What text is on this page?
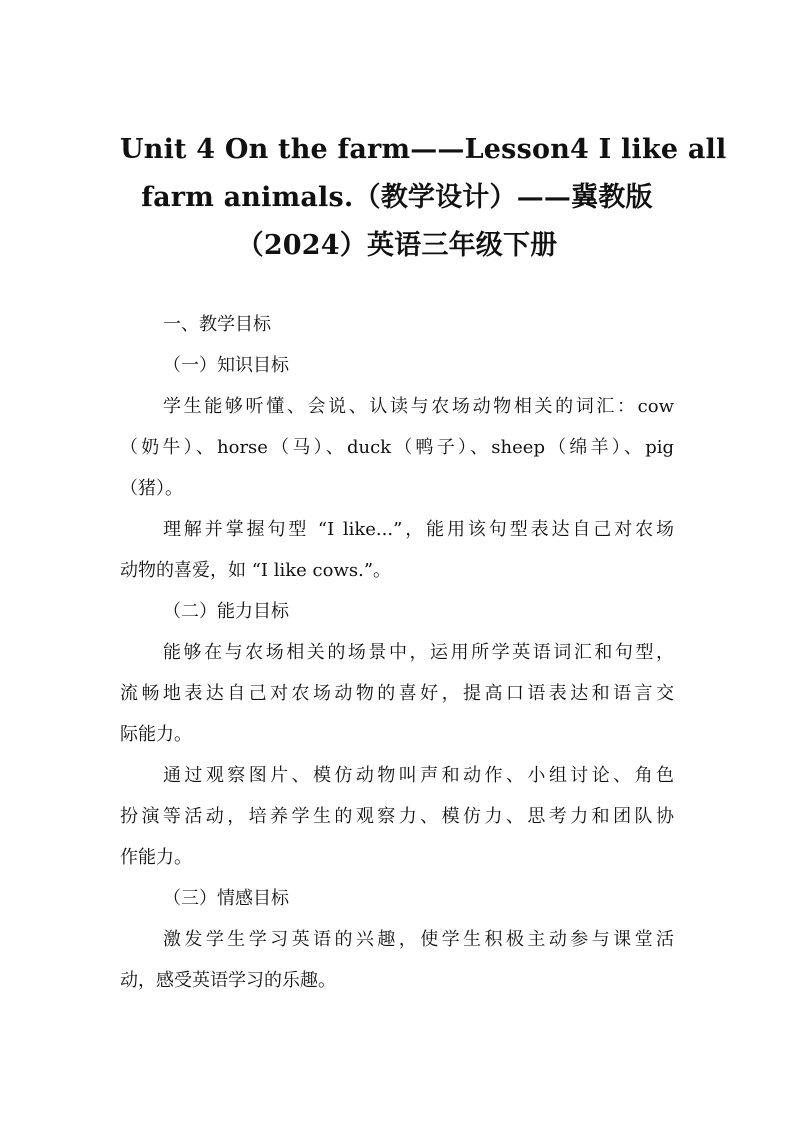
Unit 4 On the farm——Lesson4 I like all
farm animals.（教学设计）——冀教版
（2024）英语三年级下册

一、教学目标

（一）知识目标

学生能够听懂、会说、认读与农场动物相关的词汇：cow
（奶牛）、horse（马）、duck（鸭子）、sheep（绵羊）、pig
（猪）。

理解并掌握句型 “I like...”，能用该句型表达自己对农场
动物的喜爱，如 “I like cows.”。

（二）能力目标

能够在与农场相关的场景中，运用所学英语词汇和句型，
流畅地表达自己对农场动物的喜好，提高口语表达和语言交
际能力。

通过观察图片、模仿动物叫声和动作、小组讨论、角色
扮演等活动，培养学生的观察力、模仿力、思考力和团队协
作能力。

（三）情感目标

激发学生学习英语的兴趣，使学生积极主动参与课堂活
动，感受英语学习的乐趣。
